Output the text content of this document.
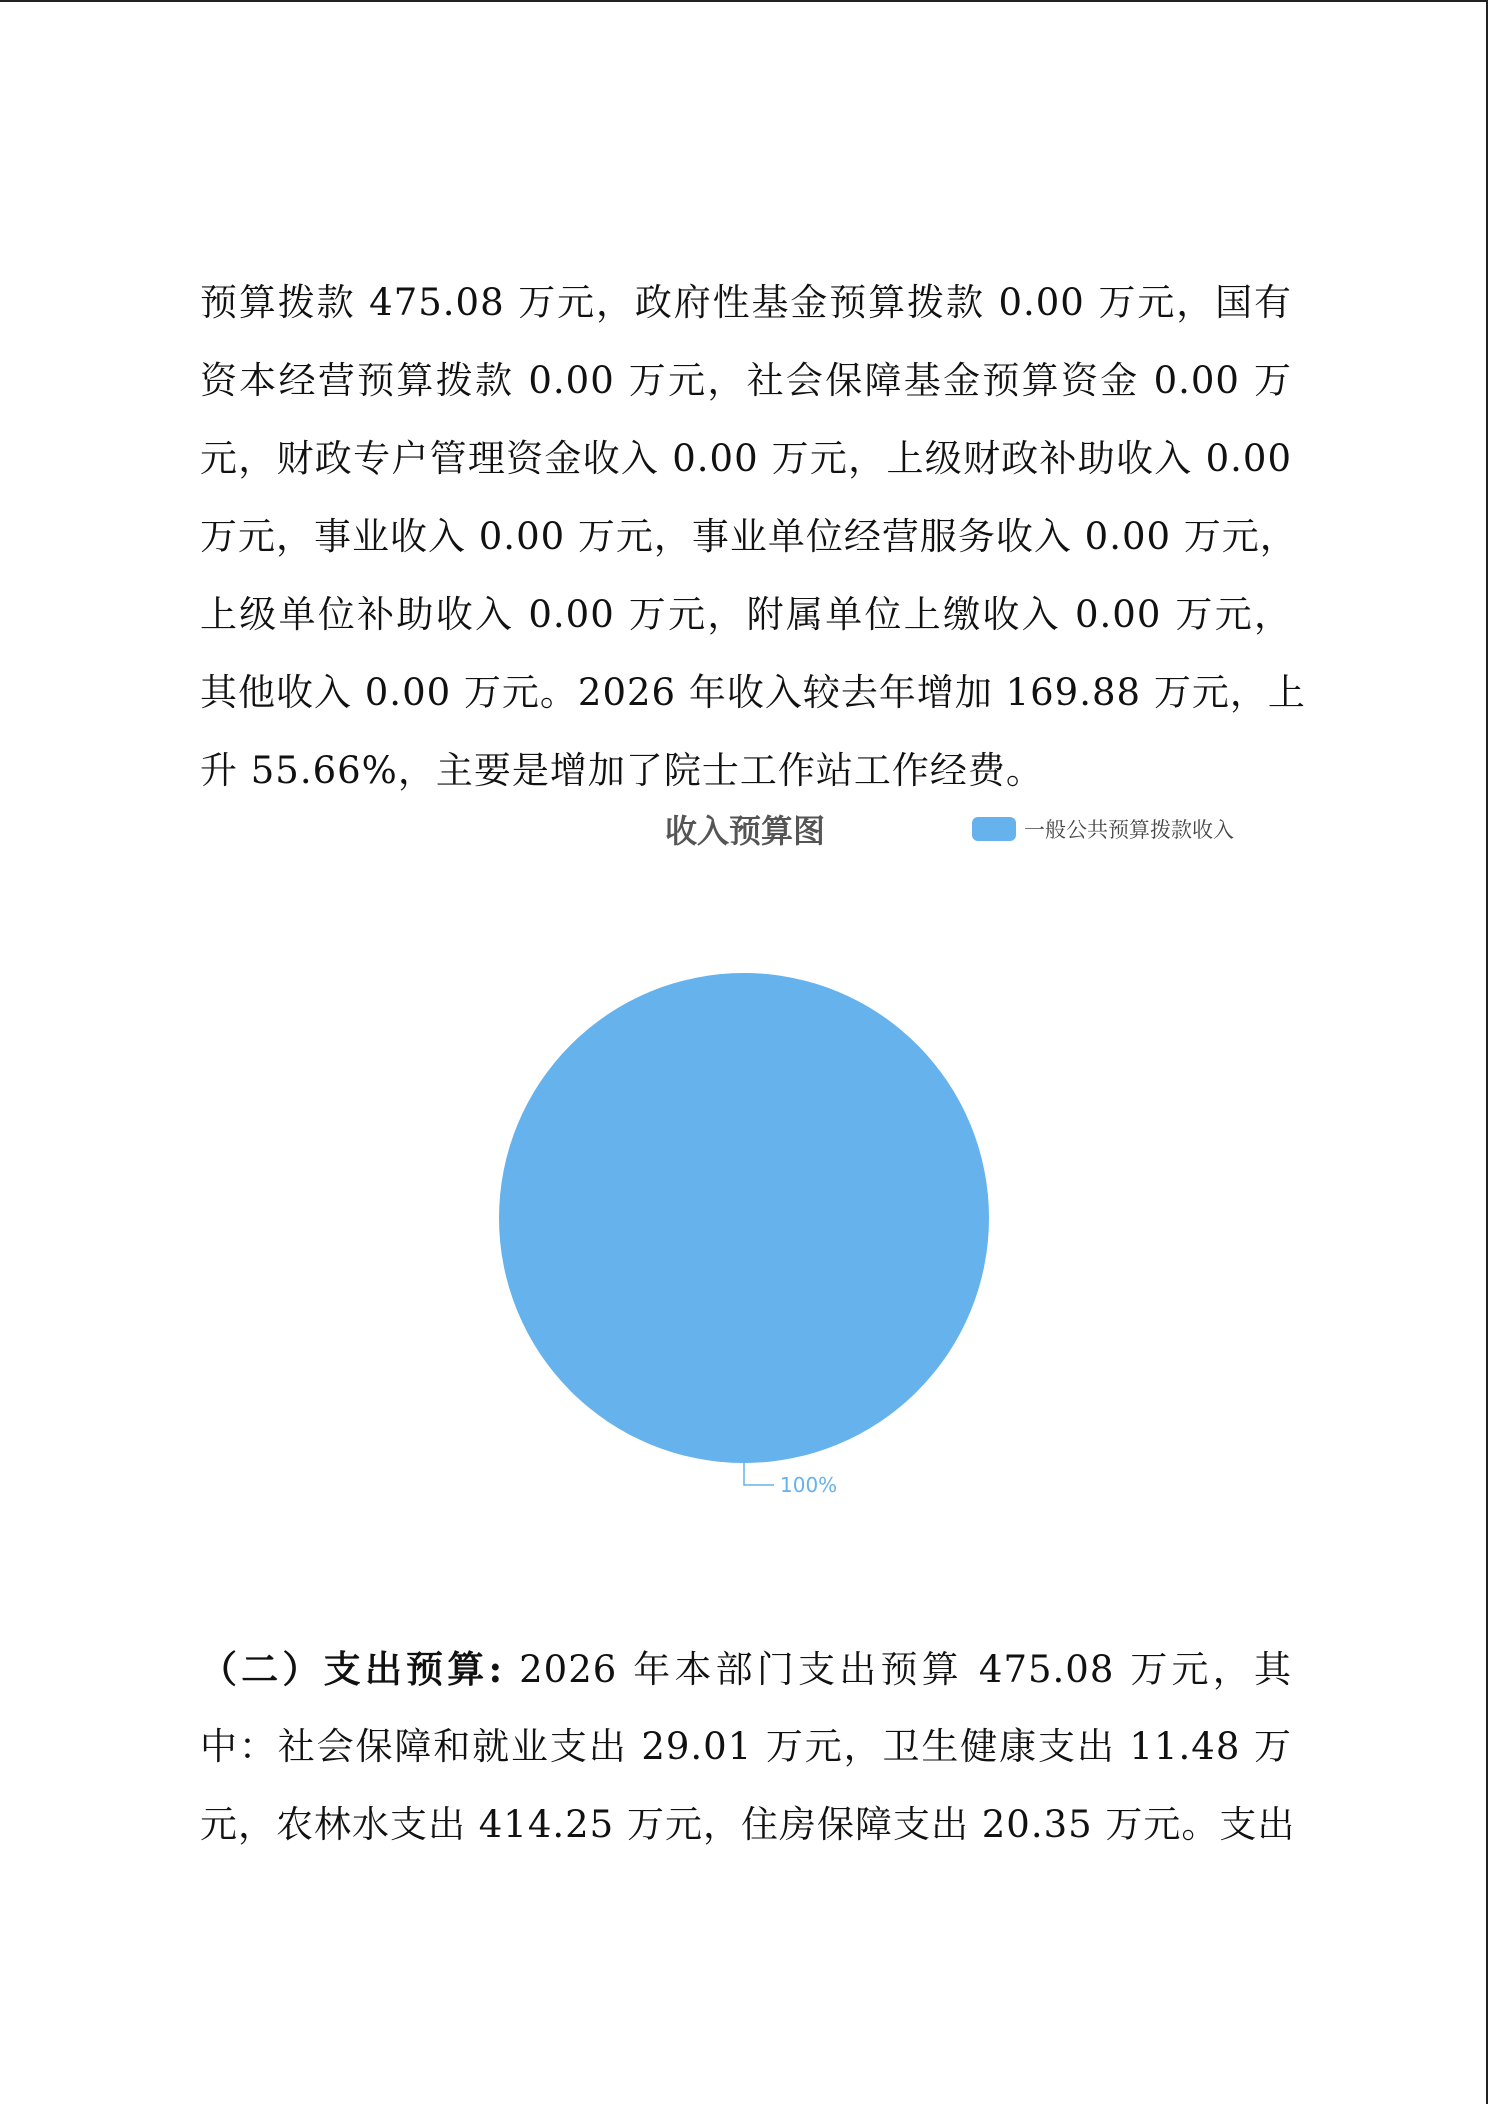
预算拨款 475.08 万元，政府性基金预算拨款 0.00 万元，国有
资本经营预算拨款 0.00 万元，社会保障基金预算资金 0.00 万
元，财政专户管理资金收入 0.00 万元，上级财政补助收入 0.00
万元，事业收入 0.00 万元，事业单位经营服务收入 0.00 万元，
上级单位补助收入 0.00 万元，附属单位上缴收入 0.00 万元，
其他收入 0.00 万元。2026 年收入较去年增加 169.88 万元，上
升 55.66%，主要是增加了院士工作站工作经费。
收入预算图	一般公共预算拨款收入
100%
（二）支出预算: 2026 年本部门支出预算 475.08 万元，其
中：社会保障和就业支出 29.01 万元，卫生健康支出 11.48 万
元，农林水支出 414.25 万元，住房保障支出 20.35 万元。支出
